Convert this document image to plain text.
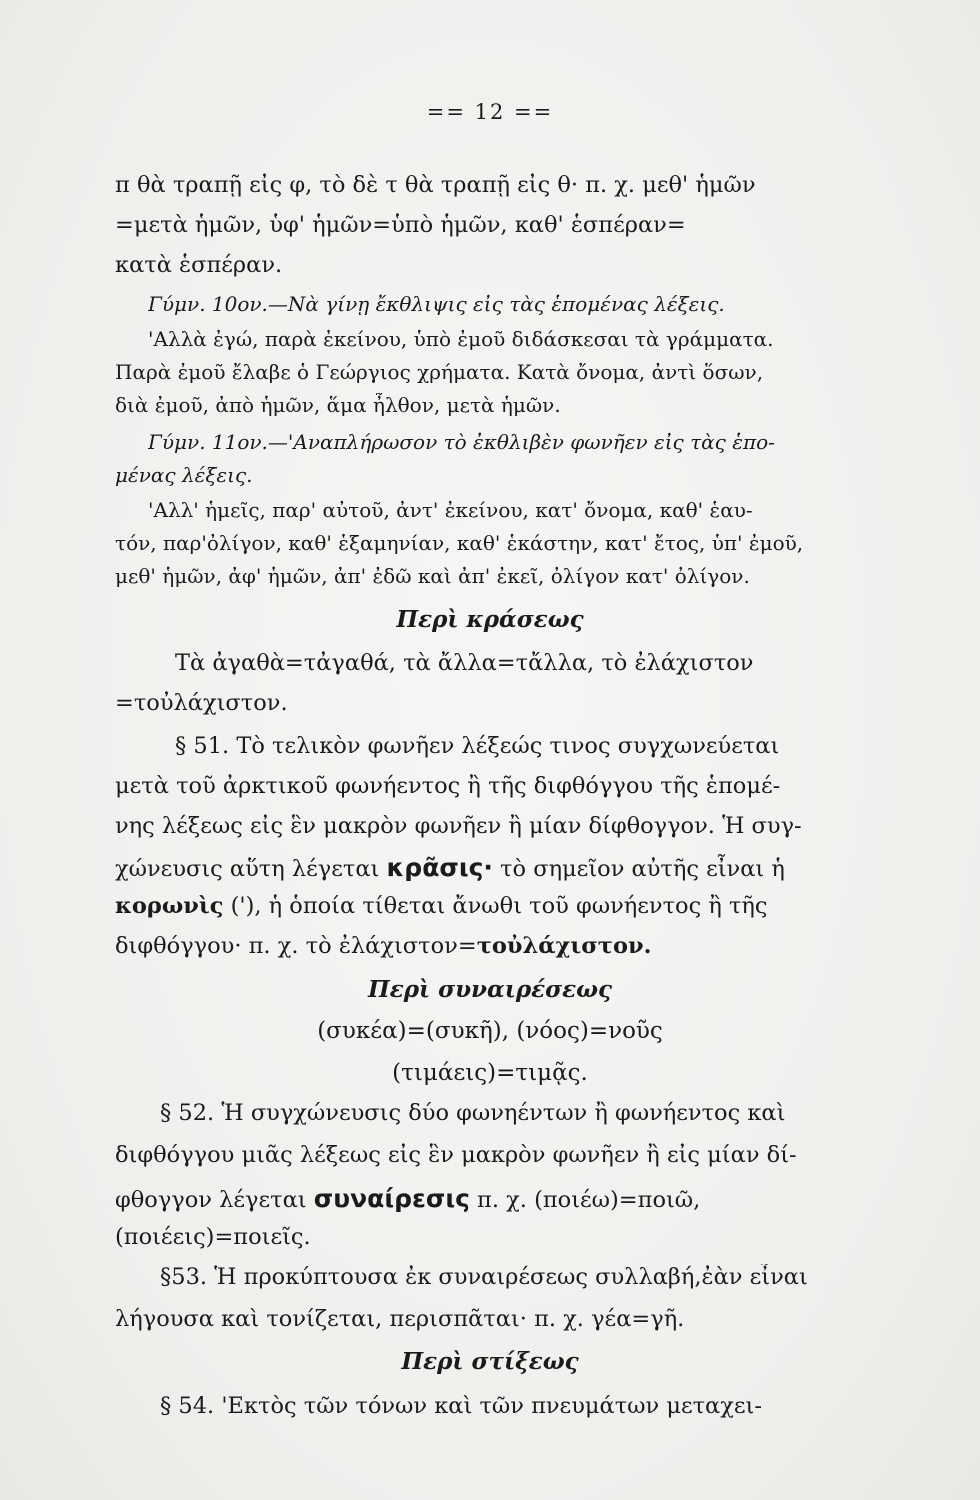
== 12 ==
π θὰ τραπῇ εἰς φ, τὸ δὲ τ θὰ τραπῇ εἰς θ· π. χ. μεθ' ἡμῶν
=μετὰ ἡμῶν, ὑφ' ἡμῶν=ὑπὸ ἡμῶν, καθ' ἑσπέραν=
κατὰ ἑσπέραν.
Γύμν. 10ον.—Νὰ γίνῃ ἔκθλιψις εἰς τὰς ἑπομένας λέξεις.
'Αλλὰ ἐγώ, παρὰ ἐκείνου, ὑπὸ ἐμοῦ διδάσκεσαι τὰ γράμματα.
Παρὰ ἐμοῦ ἔλαβε ὁ Γεώργιος χρήματα. Κατὰ ὄνομα, ἀντὶ ὅσων,
διὰ ἐμοῦ, ἀπὸ ἡμῶν, ἅμα ἦλθον, μετὰ ἡμῶν.
Γύμν. 11ον.—'Αναπλήρωσον τὸ ἐκθλιβὲν φωνῆεν εἰς τὰς ἑπο-
μένας λέξεις.
'Αλλ' ἡμεῖς, παρ' αὐτοῦ, ἀντ' ἐκείνου, κατ' ὄνομα, καθ' ἑαυ-
τόν, παρ'ὀλίγον, καθ' ἑξαμηνίαν, καθ' ἑκάστην, κατ' ἔτος, ὑπ' ἐμοῦ,
μεθ' ἡμῶν, ἀφ' ἡμῶν, ἀπ' ἐδῶ καὶ ἀπ' ἐκεῖ, ὀλίγον κατ' ὀλίγον.
Περὶ κράσεως
Τὰ ἀγαθὰ=τἀγαθά, τὰ ἄλλα=τἄλλα, τὸ ἐλάχιστον
=τοὐλάχιστον.
§ 51. Τὸ τελικὸν φωνῆεν λέξεώς τινος συγχωνεύεται
μετὰ τοῦ ἀρκτικοῦ φωνήεντος ἢ τῆς διφθόγγου τῆς ἑπομέ-
νης λέξεως εἰς ἓν μακρὸν φωνῆεν ἢ μίαν δίφθογγον. Ἡ συγ-
χώνευσις αὕτη λέγεται κρᾶσις· τὸ σημεῖον αὐτῆς εἶναι ἡ
κορωνὶς ('), ἡ ὁποία τίθεται ἄνωθι τοῦ φωνήεντος ἢ τῆς
διφθόγγου· π. χ. τὸ ἐλάχιστον=τοὐλάχιστον.
Περὶ συναιρέσεως
(συκέα)=(συκῆ), (νόος)=νοῦς
(τιμάεις)=τιμᾷς.
§ 52. Ἡ συγχώνευσις δύο φωνηέντων ἢ φωνήεντος καὶ
διφθόγγου μιᾶς λέξεως εἰς ἓν μακρὸν φωνῆεν ἢ εἰς μίαν δί-
φθογγον λέγεται συναίρεσις π. χ. (ποιέω)=ποιῶ,
(ποιέεις)=ποιεῖς.
§53. Ἡ προκύπτουσα ἐκ συναιρέσεως συλλαβή,ἐὰν εἶναι
λήγουσα καὶ τονίζεται, περισπᾶται· π. χ. γέα=γῆ.
Περὶ στίξεως
§ 54. 'Εκτὸς τῶν τόνων καὶ τῶν πνευμάτων μεταχει-
